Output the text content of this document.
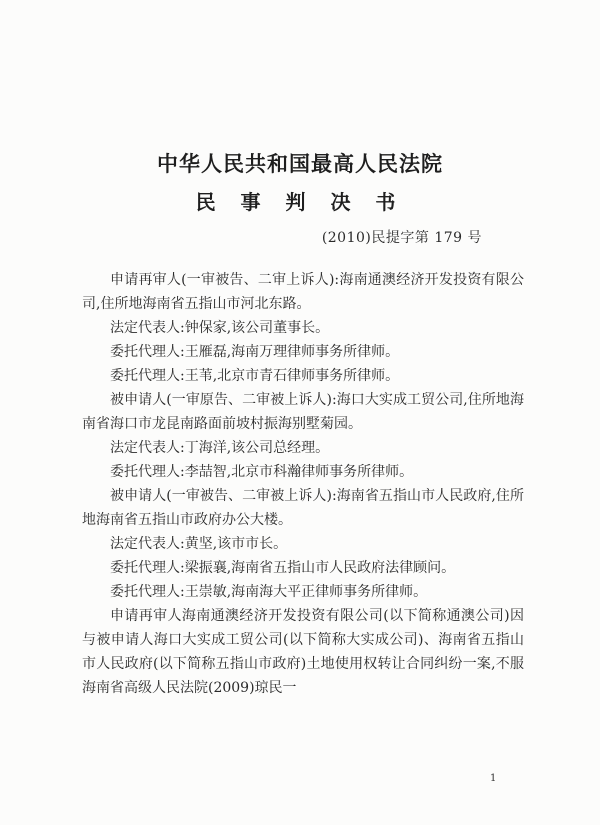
中华人民共和国最高人民法院
民 事 判 决 书
(2010)民提字第 179 号

申请再审人(一审被告、二审上诉人):海南通澳经济开发投资有限公司,住所地海南省五指山市河北东路。

法定代表人:钟保家,该公司董事长。

委托代理人:王雁磊,海南万理律师事务所律师。

委托代理人:王苇,北京市青石律师事务所律师。

被申请人(一审原告、二审被上诉人):海口大实成工贸公司,住所地海南省海口市龙昆南路面前坡村振海别墅菊园。

法定代表人:丁海洋,该公司总经理。

委托代理人:李喆智,北京市科瀚律师事务所律师。

被申请人(一审被告、二审被上诉人):海南省五指山市人民政府,住所地海南省五指山市政府办公大楼。

法定代表人:黄坚,该市市长。

委托代理人:梁振襄,海南省五指山市人民政府法律顾问。

委托代理人:王崇敏,海南海大平正律师事务所律师。

申请再审人海南通澳经济开发投资有限公司(以下简称通澳公司)因与被申请人海口大实成工贸公司(以下简称大实成公司)、海南省五指山市人民政府(以下简称五指山市政府)土地使用权转让合同纠纷一案,不服海南省高级人民法院(2009)琼民一

1
